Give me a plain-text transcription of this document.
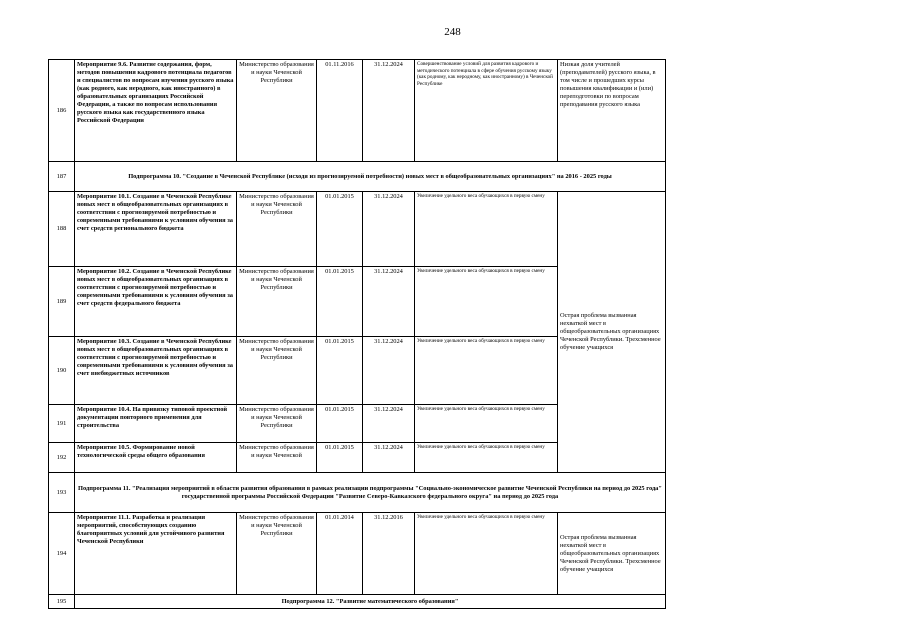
248
186	Мероприятие 9.6. Развитие содержания, форм, методов повышения кадрового потенциала педагогов и специалистов по вопросам изучения русского языка (как родного, как неродного, как иностранного) в образовательных организациях Российской Федерации, а также по вопросам использования русского языка как государственного языка Российской Федерации	Министерство образования и науки Чеченской Республики	01.11.2016	31.12.2024	Совершенствование условий для развития кадрового и методического потенциала в сфере обучения русскому языку (как родному, как неродному, как иностранному) в Чеченской Республике	Низкая доля учителей (преподавателей) русского языка, в том числе и прошедших курсы повышения квалификации и (или) переподготовки по вопросам преподавания русского языка
187	Подпрограмма 10. "Создание в Чеченской Республике (исходя из прогнозируемой потребности) новых мест в общеобразовательных организациях" на 2016 - 2025 годы					
188	Мероприятие 10.1. Создание в Чеченской Республике новых мест в общеобразовательных организациях в соответствии с прогнозируемой потребностью и современными требованиями к условиям обучения за счет средств регионального бюджета	Министерство образования и науки Чеченской Республики	01.01.2015	31.12.2024	Увеличение удельного веса обучающихся в первую смену	Острая проблема вызванная нехваткой мест в общеобразовательных организациях Чеченской Республики. Трехсменное обучение учащихся
189	Мероприятие 10.2. Создание в Чеченской Республике новых мест в общеобразовательных организациях в соответствии с прогнозируемой потребностью и современными требованиями к условиям обучения за счет средств федерального бюджета	Министерство образования и науки Чеченской Республики	01.01.2015	31.12.2024	Увеличение удельного веса обучающихся в первую смену	
190	Мероприятие 10.3. Создание в Чеченской Республике новых мест в общеобразовательных организациях в соответствии с прогнозируемой потребностью и современными требованиями к условиям обучения за счет внебюджетных источников	Министерство образования и науки Чеченской Республики	01.01.2015	31.12.2024	Увеличение удельного веса обучающихся в первую смену	
191	Мероприятие 10.4. На привязку типовой проектной документации повторного применения для строительства	Министерство образования и науки Чеченской Республики	01.01.2015	31.12.2024	Увеличение удельного веса обучающихся в первую смену	
192	Мероприятие 10.5. Формирование новой технологической среды общего образования	Министерство образования и науки Чеченской	01.01.2015	31.12.2024	Увеличение удельного веса обучающихся в первую смену	
193	Подпрограмма 11. "Реализация мероприятий в области развития образования в рамках реализации подпрограммы "Социально-экономическое развитие Чеченской Республики на период до 2025 года" государственной программы Российской Федерации "Развитие Северо-Кавказского федерального округа" на период до 2025 года					
194	Мероприятие 11.1. Разработка и реализация мероприятий, способствующих созданию благоприятных условий для устойчивого развития Чеченской Республики	Министерство образования и науки Чеченской Республики	01.01.2014	31.12.2016	Увеличение удельного веса обучающихся в первую смену	Острая проблема вызванная нехваткой мест в общеобразовательных организациях Чеченской Республики. Трехсменное обучение учащихся
195	Подпрограмма 12. "Развитие математического образования"					
